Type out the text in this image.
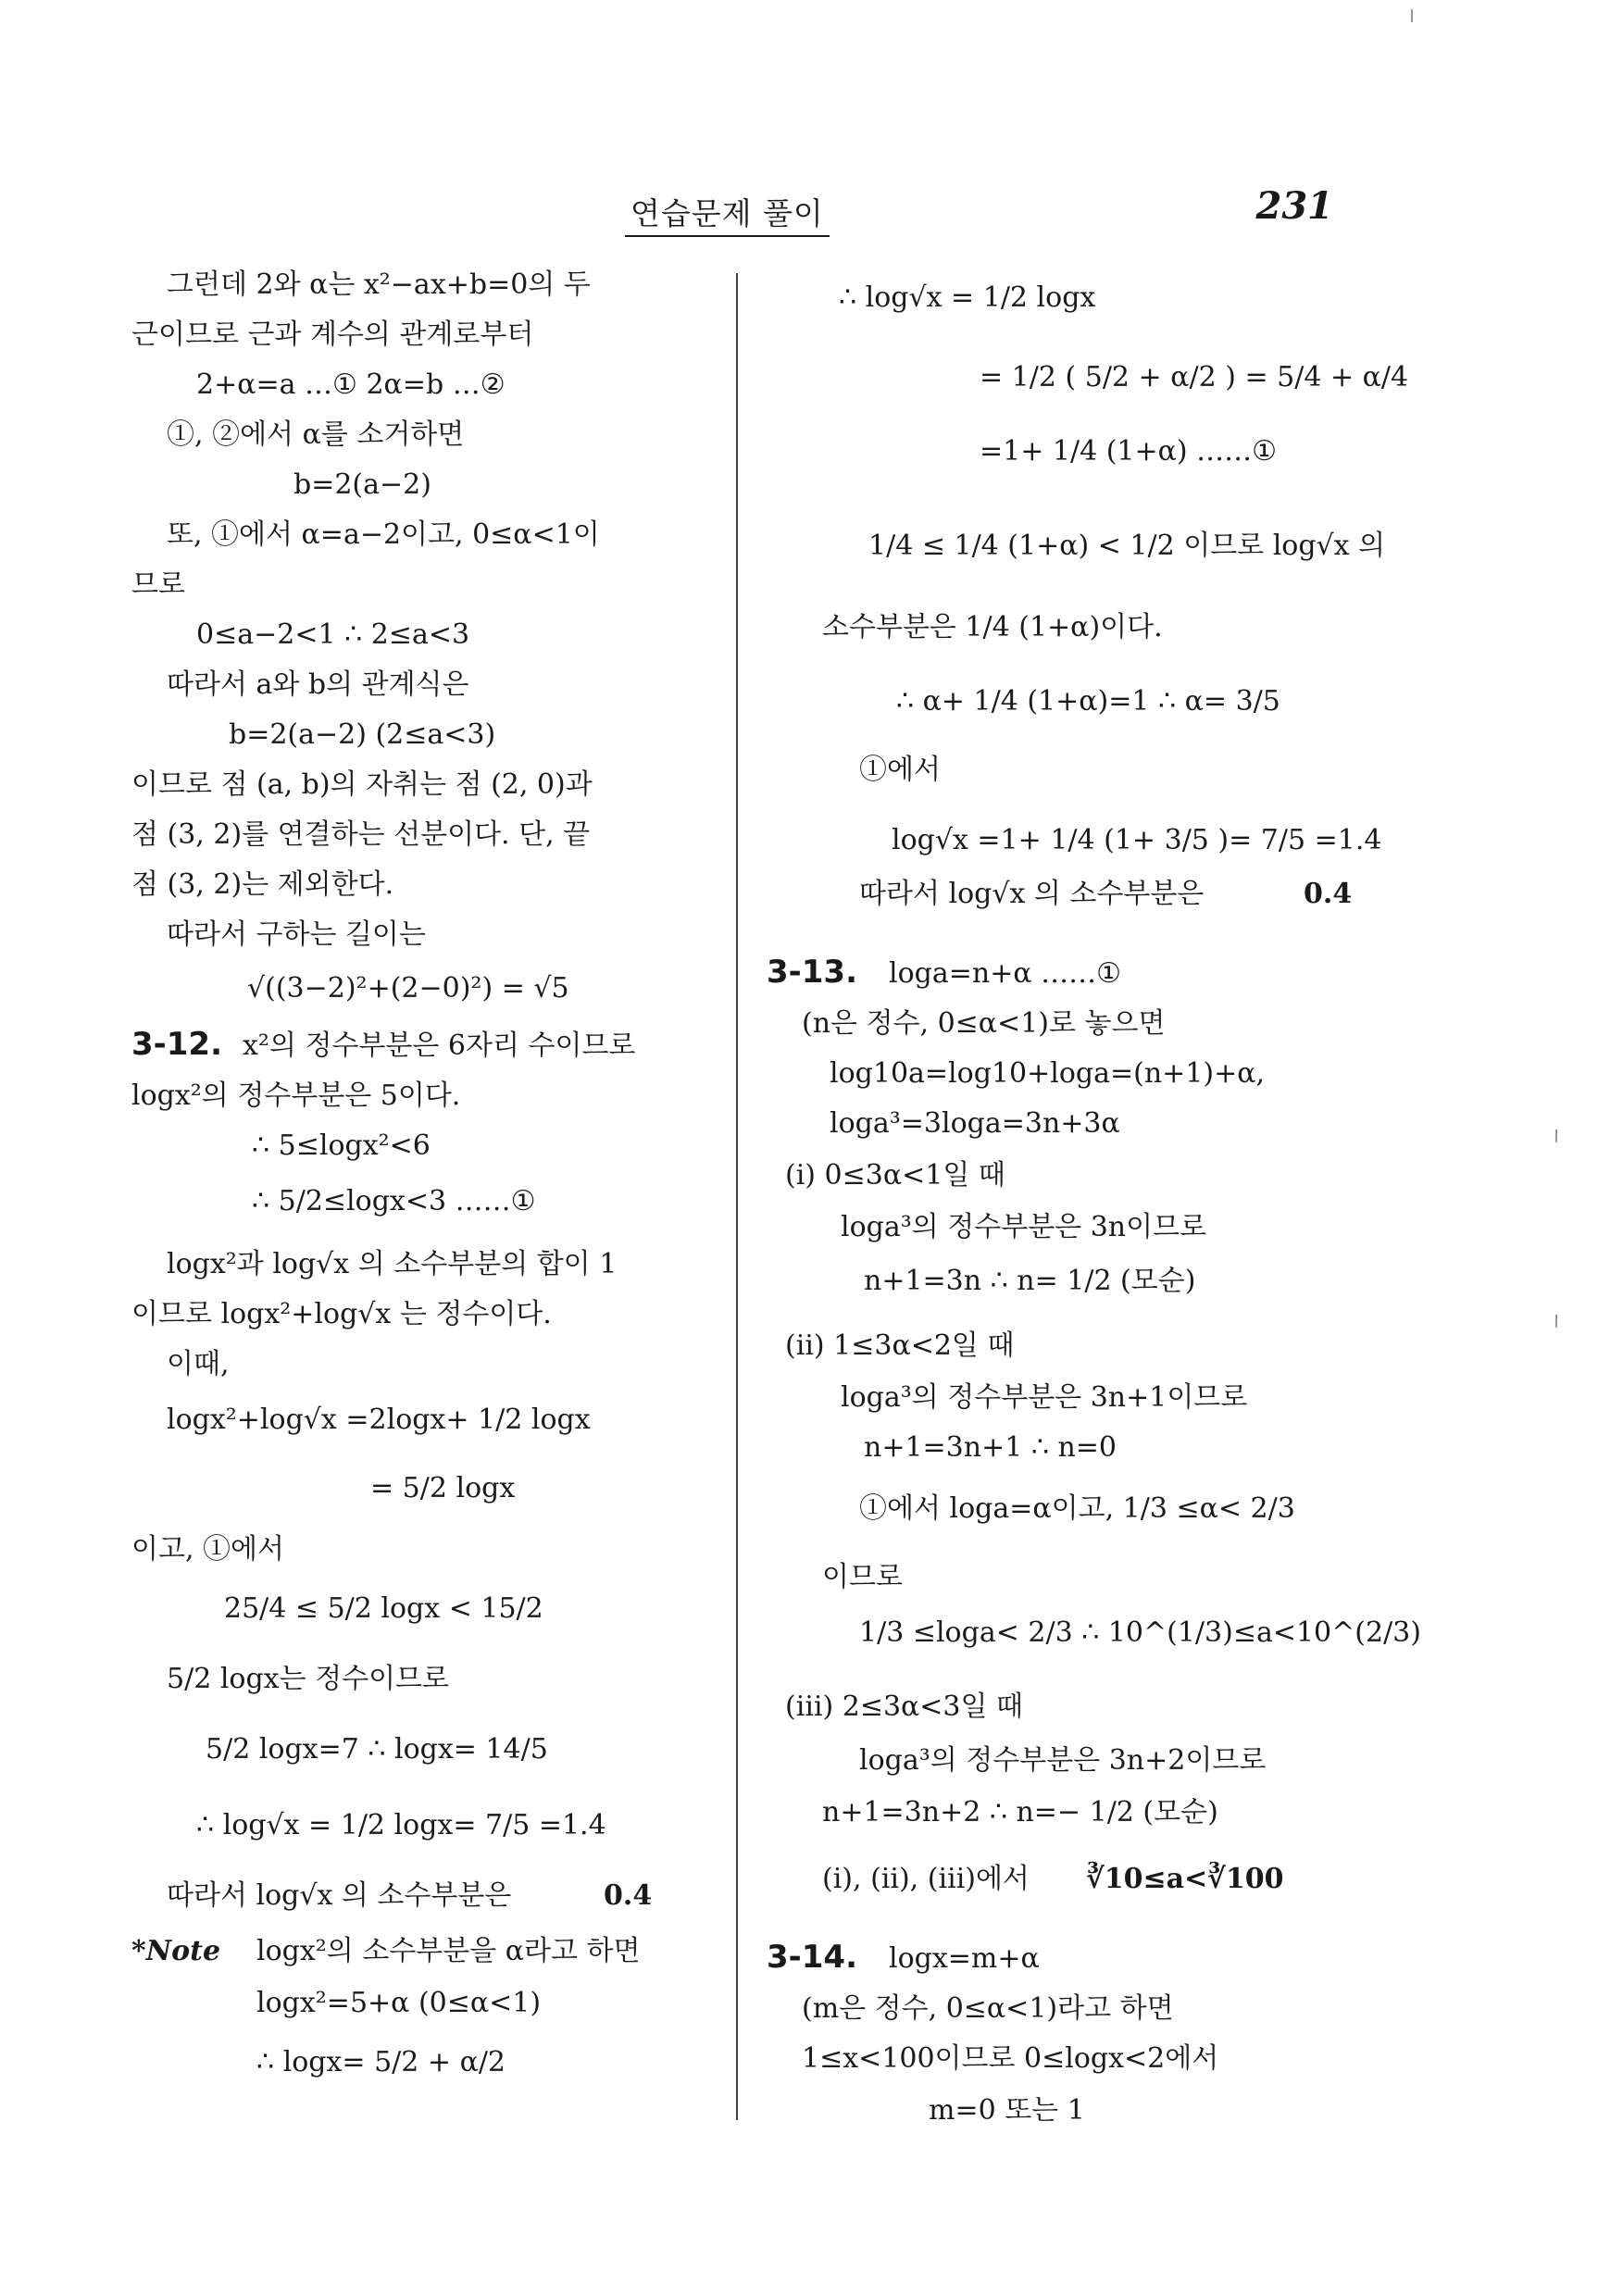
연습문제 풀이	231
그런데 2와 α는 x²−ax+b=0의 두
근이므로 근과 계수의 관계로부터
2+α=a …① 2α=b …②
①, ②에서 α를 소거하면
b=2(a−2)
또, ①에서 α=a−2이고, 0≤α<1이
므로
0≤a−2<1 ∴ 2≤a<3
따라서 a와 b의 관계식은
b=2(a−2) (2≤a<3)
이므로 점 (a, b)의 자취는 점 (2, 0)과
점 (3, 2)를 연결하는 선분이다. 단, 끝
점 (3, 2)는 제외한다.
따라서 구하는 길이는
√((3−2)²+(2−0)²) = √5
3-12. x²의 정수부분은 6자리 수이므로
logx²의 정수부분은 5이다.
∴ 5≤logx²<6
∴ 5/2≤logx<3 ……①
logx²과 log√x 의 소수부분의 합이 1
이므로 logx²+log√x 는 정수이다.
이때,
logx²+log√x =2logx+ 1/2 logx
= 5/2 logx
이고, ①에서
25/4 ≤ 5/2 logx < 15/2
5/2 logx는 정수이므로
5/2 logx=7 ∴ logx= 14/5
∴ log√x = 1/2 logx= 7/5 =1.4
따라서 log√x 의 소수부분은	0.4
*Note logx²의 소수부분을 α라고 하면
logx²=5+α (0≤α<1)
∴ logx= 5/2 + α/2
∴ log√x = 1/2 logx
= 1/2 ( 5/2 + α/2 ) = 5/4 + α/4
=1+ 1/4 (1+α) ……①
1/4 ≤ 1/4 (1+α) < 1/2 이므로 log√x 의
소수부분은 1/4 (1+α)이다.
∴ α+ 1/4 (1+α)=1 ∴ α= 3/5
①에서
log√x =1+ 1/4 (1+ 3/5 )= 7/5 =1.4
따라서 log√x 의 소수부분은	0.4
3-13. loga=n+α ……①
(n은 정수, 0≤α<1)로 놓으면
log10a=log10+loga=(n+1)+α,
loga³=3loga=3n+3α
(ⅰ) 0≤3α<1일 때
loga³의 정수부분은 3n이므로
n+1=3n ∴ n= 1/2 (모순)
(ⅱ) 1≤3α<2일 때
loga³의 정수부분은 3n+1이므로
n+1=3n+1 ∴ n=0
①에서 loga=α이고, 1/3 ≤α< 2/3
이므로
1/3 ≤loga< 2/3 ∴ 10^(1/3)≤a<10^(2/3)
(ⅲ) 2≤3α<3일 때
loga³의 정수부분은 3n+2이므로
n+1=3n+2 ∴ n=− 1/2 (모순)
(ⅰ), (ⅱ), (ⅲ)에서 ∛10≤a<∛100
3-14. logx=m+α
(m은 정수, 0≤α<1)라고 하면
1≤x<100이므로 0≤logx<2에서
m=0 또는 1
